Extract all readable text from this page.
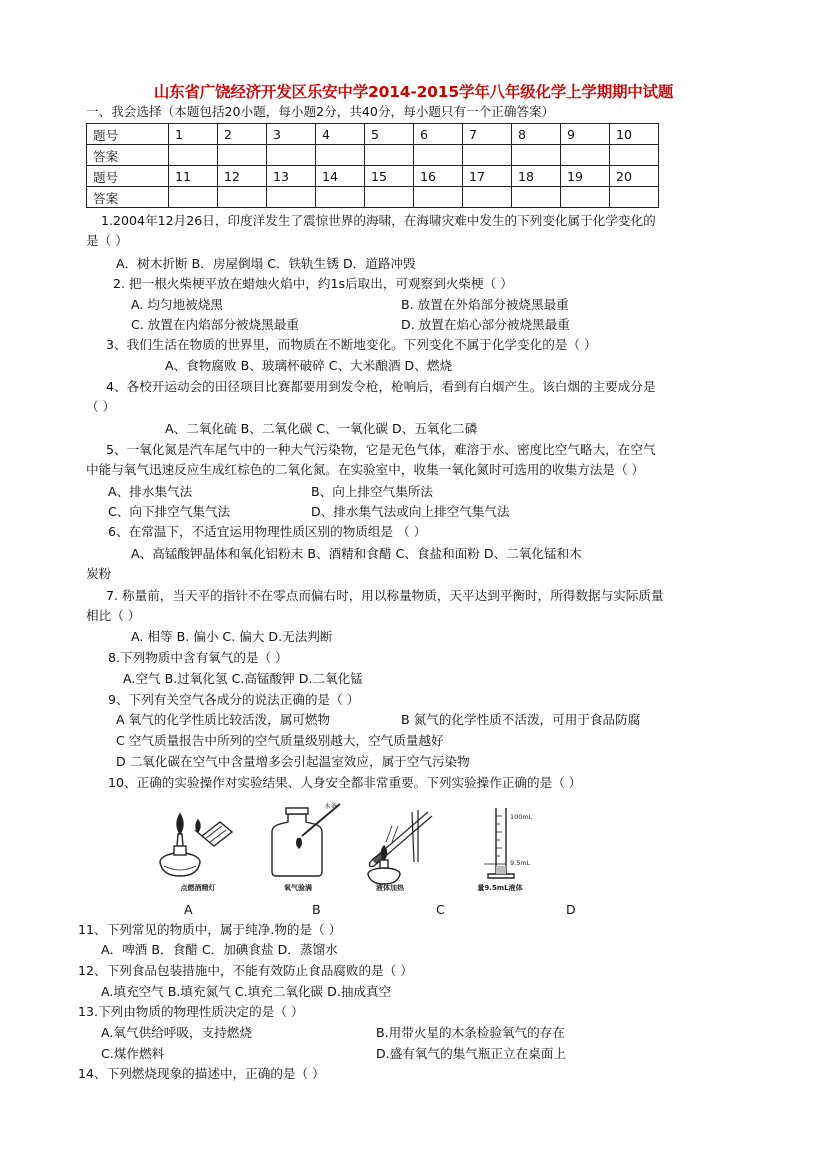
山东省广饶经济开发区乐安中学2014-2015学年八年级化学上学期期中试题
一、我会选择（本题包括20小题，每小题2分，共40分，每小题只有一个正确答案）
题号	1	2	3	4	5	6	7	8	9	10
答案										
题号	11	12	13	14	15	16	17	18	19	20
答案										
1.2004年12月26日，印度洋发生了震惊世界的海啸，在海啸灾难中发生的下列变化属于化学变化的
是（ ）
A．树木折断 B．房屋倒塌 C．铁轨生锈 D．道路冲毁
2. 把一根火柴梗平放在蜡烛火焰中，约1s后取出，可观察到火柴梗（ ）
A. 均匀地被烧黑	B. 放置在外焰部分被烧黑最重
C. 放置在内焰部分被烧黑最重	D. 放置在焰心部分被烧黑最重
3、我们生活在物质的世界里，而物质在不断地变化。下列变化不属于化学变化的是（ ）
A、食物腐败 B、玻璃杯破碎 C、大米酿酒 D、燃烧
4、各校开运动会的田径项目比赛都要用到发令枪，枪响后，看到有白烟产生。该白烟的主要成分是
（ ）
A、二氧化硫 B、二氧化碳 C、一氧化碳 D、五氧化二磷
5、一氧化氮是汽车尾气中的一种大气污染物，它是无色气体，难溶于水、密度比空气略大，在空气
中能与氧气迅速反应生成红棕色的二氧化氮。在实验室中，收集一氧化氮时可选用的收集方法是（ ）
A、排水集气法	B、向上排空气集所法
C、向下排空气集气法	D、排水集气法或向上排空气集气法
6、在常温下，不适宜运用物理性质区别的物质组是 （ ）
A、高锰酸钾晶体和氧化铝粉末 B、酒精和食醋 C、食盐和面粉 D、二氧化锰和木
炭粉
7. 称量前，当天平的指针不在零点而偏右时，用以称量物质，天平达到平衡时，所得数据与实际质量
相比（ ）
A. 相等 B. 偏小 C. 偏大 D.无法判断
8.下列物质中含有氧气的是（ ）
A.空气 B.过氧化氢 C.高锰酸钾 D.二氧化锰
9、下列有关空气各成分的说法正确的是（ ）
A 氧气的化学性质比较活泼，属可燃物	B 氮气的化学性质不活泼，可用于食品防腐
C 空气质量报告中所列的空气质量级别越大，空气质量越好
D 二氧化碳在空气中含量增多会引起温室效应，属于空气污染物
10、正确的实验操作对实验结果、人身安全都非常重要。下列实验操作正确的是（ ）
点燃酒精灯
木条
氧气验满	液体加热
100mL
9.5mL
量9.5mL液体
A	B	C	D
11、下列常见的物质中，属于纯净.物的是（ ）
A．啤酒 B．食醋 C．加碘食盐 D．蒸馏水
12、下列食品包装措施中，不能有效防止食品腐败的是（ ）
A.填充空气 B.填充氮气 C.填充二氧化碳 D.抽成真空
13.下列由物质的物理性质决定的是（ ）
A.氧气供给呼吸，支持燃烧	B.用带火星的木条检验氧气的存在
C.煤作燃料	D.盛有氧气的集气瓶正立在桌面上
14、下列燃烧现象的描述中，正确的是（ ）
